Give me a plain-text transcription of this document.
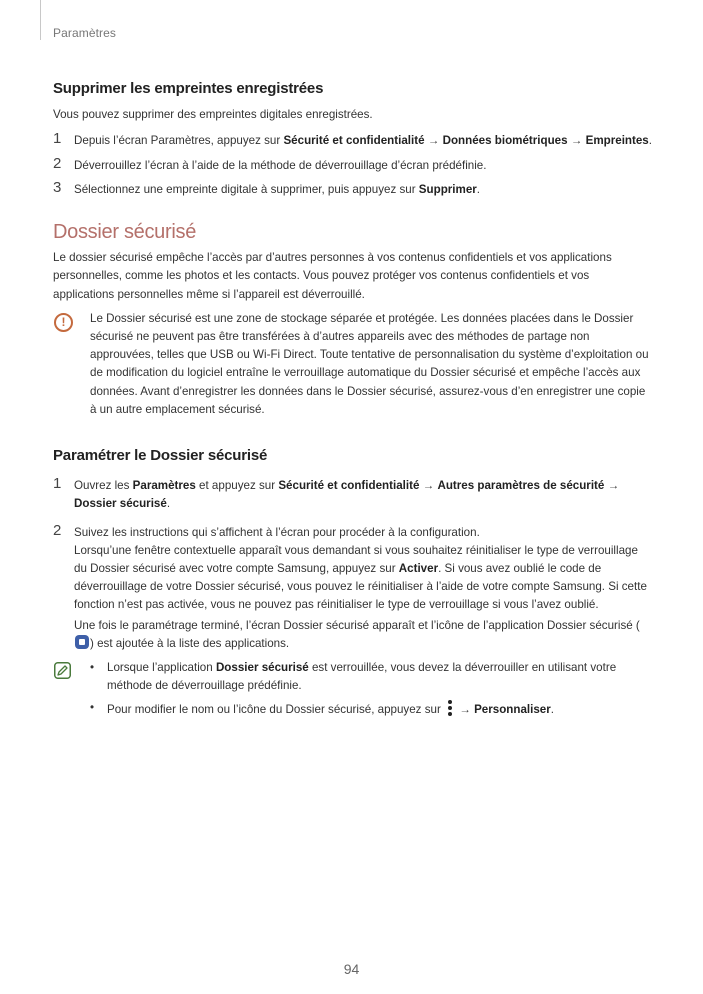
Paramètres
Supprimer les empreintes enregistrées

Vous pouvez supprimer des empreintes digitales enregistrées.

1 Depuis l’écran Paramètres, appuyez sur Sécurité et confidentialité → Données biométriques → Empreintes.
2 Déverrouillez l’écran à l’aide de la méthode de déverrouillage d’écran prédéfinie.
3 Sélectionnez une empreinte digitale à supprimer, puis appuyez sur Supprimer.
Dossier sécurisé

Le dossier sécurisé empêche l’accès par d’autres personnes à vos contenus confidentiels et vos applications personnelles, comme les photos et les contacts. Vous pouvez protéger vos contenus confidentiels et vos applications personnelles même si l’appareil est déverrouillé.

!	Le Dossier sécurisé est une zone de stockage séparée et protégée. Les données placées dans le Dossier sécurisé ne peuvent pas être transférées à d’autres appareils avec des méthodes de partage non approuvées, telles que USB ou Wi-Fi Direct. Toute tentative de personnalisation du système d’exploitation ou de modification du logiciel entraîne le verrouillage automatique du Dossier sécurisé et empêche l’accès aux données. Avant d’enregistrer les données dans le Dossier sécurisé, assurez-vous d’en enregistrer une copie à un autre emplacement sécurisé.
Paramétrer le Dossier sécurisé
1 Ouvrez les Paramètres et appuyez sur Sécurité et confidentialité → Autres paramètres de sécurité → Dossier sécurisé.
2 Suivez les instructions qui s’affichent à l’écran pour procéder à la configuration.

Lorsqu’une fenêtre contextuelle apparaît vous demandant si vous souhaitez réinitialiser le type de verrouillage du Dossier sécurisé avec votre compte Samsung, appuyez sur Activer. Si vous avez oublié le code de déverrouillage de votre Dossier sécurisé, vous pouvez le réinitialiser à l’aide de votre compte Samsung. Si cette fonction n’est pas activée, vous ne pouvez pas réinitialiser le type de verrouillage si vous l’avez oublié.

Une fois le paramétrage terminé, l’écran Dossier sécurisé apparaît et l’icône de l’application Dossier sécurisé () est ajoutée à la liste des applications.

• Lorsque l’application Dossier sécurisé est verrouillée, vous devez la déverrouiller en utilisant votre méthode de déverrouillage prédéfinie.
• Pour modifier le nom ou l’icône du Dossier sécurisé, appuyez sur
→ Personnaliser.
94
